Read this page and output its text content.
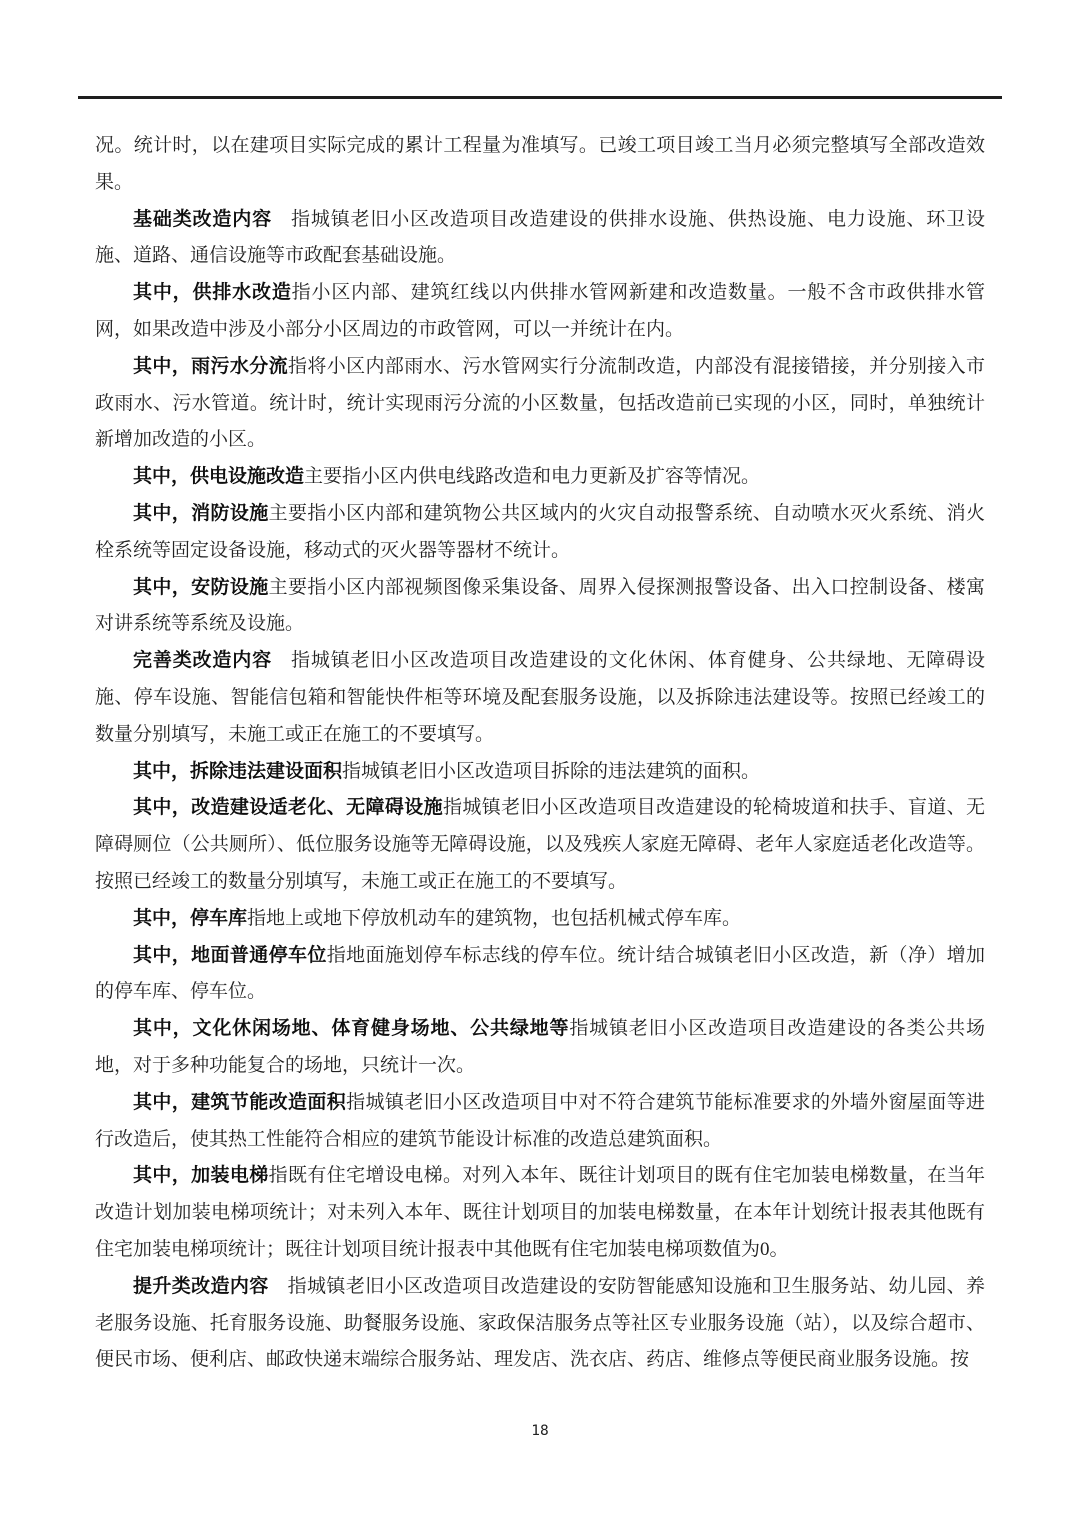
况。统计时，以在建项目实际完成的累计工程量为准填写。已竣工项目竣工当月必须完整填写全部改造效果。

基础类改造内容 指城镇老旧小区改造项目改造建设的供排水设施、供热设施、电力设施、环卫设施、道路、通信设施等市政配套基础设施。

其中，供排水改造指小区内部、建筑红线以内供排水管网新建和改造数量。一般不含市政供排水管网，如果改造中涉及小部分小区周边的市政管网，可以一并统计在内。

其中，雨污水分流指将小区内部雨水、污水管网实行分流制改造，内部没有混接错接，并分别接入市政雨水、污水管道。统计时，统计实现雨污分流的小区数量，包括改造前已实现的小区，同时，单独统计新增加改造的小区。

其中，供电设施改造主要指小区内供电线路改造和电力更新及扩容等情况。

其中，消防设施主要指小区内部和建筑物公共区域内的火灾自动报警系统、自动喷水灭火系统、消火栓系统等固定设备设施，移动式的灭火器等器材不统计。

其中，安防设施主要指小区内部视频图像采集设备、周界入侵探测报警设备、出入口控制设备、楼寓对讲系统等系统及设施。

完善类改造内容 指城镇老旧小区改造项目改造建设的文化休闲、体育健身、公共绿地、无障碍设施、停车设施、智能信包箱和智能快件柜等环境及配套服务设施，以及拆除违法建设等。按照已经竣工的数量分别填写，未施工或正在施工的不要填写。

其中，拆除违法建设面积指城镇老旧小区改造项目拆除的违法建筑的面积。

其中，改造建设适老化、无障碍设施指城镇老旧小区改造项目改造建设的轮椅坡道和扶手、盲道、无障碍厕位（公共厕所）、低位服务设施等无障碍设施，以及残疾人家庭无障碍、老年人家庭适老化改造等。按照已经竣工的数量分别填写，未施工或正在施工的不要填写。

其中，停车库指地上或地下停放机动车的建筑物，也包括机械式停车库。

其中，地面普通停车位指地面施划停车标志线的停车位。统计结合城镇老旧小区改造，新（净）增加的停车库、停车位。

其中，文化休闲场地、体育健身场地、公共绿地等指城镇老旧小区改造项目改造建设的各类公共场地，对于多种功能复合的场地，只统计一次。

其中，建筑节能改造面积指城镇老旧小区改造项目中对不符合建筑节能标准要求的外墙外窗屋面等进行改造后，使其热工性能符合相应的建筑节能设计标准的改造总建筑面积。

其中，加装电梯指既有住宅增设电梯。对列入本年、既往计划项目的既有住宅加装电梯数量，在当年改造计划加装电梯项统计；对未列入本年、既往计划项目的加装电梯数量，在本年计划统计报表其他既有住宅加装电梯项统计；既往计划项目统计报表中其他既有住宅加装电梯项数值为0。

提升类改造内容 指城镇老旧小区改造项目改造建设的安防智能感知设施和卫生服务站、幼儿园、养老服务设施、托育服务设施、助餐服务设施、家政保洁服务点等社区专业服务设施（站），以及综合超市、便民市场、便利店、邮政快递末端综合服务站、理发店、洗衣店、药店、维修点等便民商业服务设施。按

18
